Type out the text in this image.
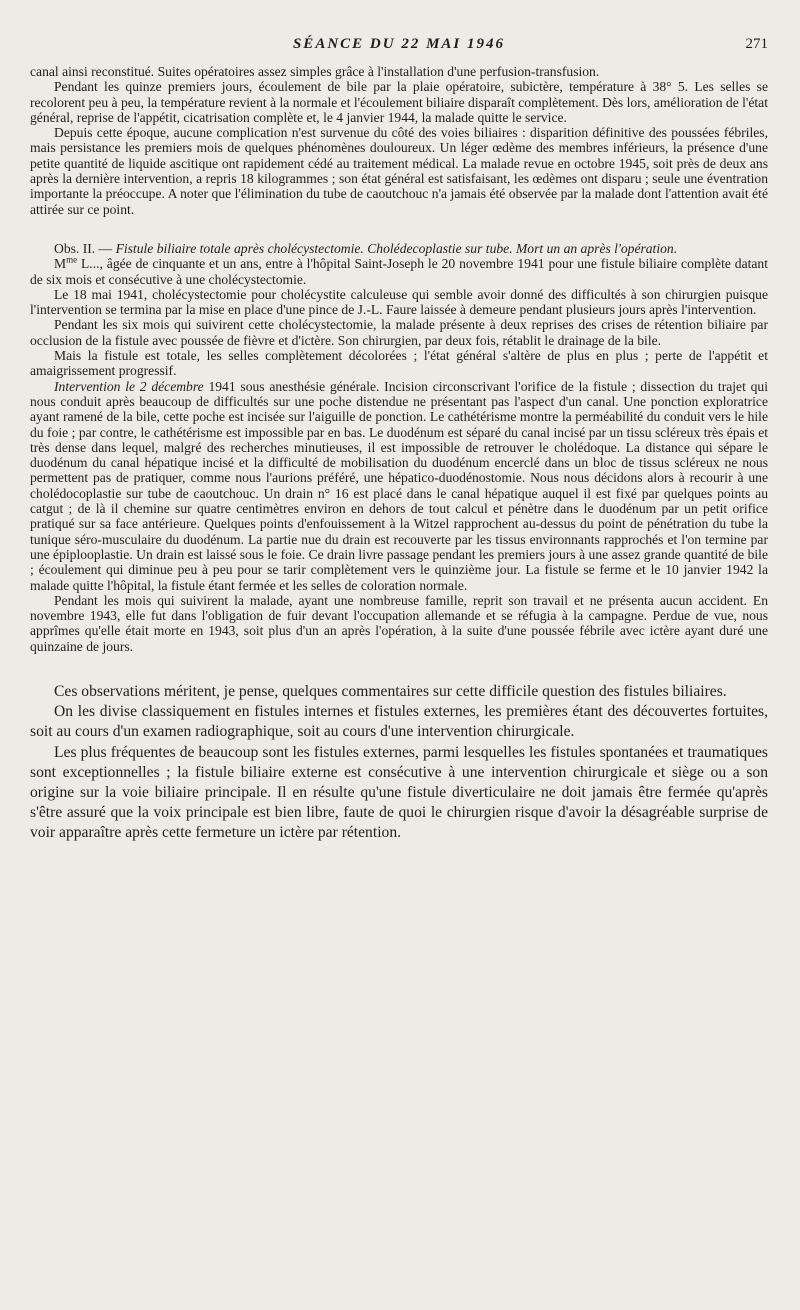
SÉANCE DU 22 MAI 1946	271

canal ainsi reconstitué. Suites opératoires assez simples grâce à l'installation d'une perfusion-transfusion.

Pendant les quinze premiers jours, écoulement de bile par la plaie opératoire, subictère, température à 38° 5. Les selles se recolorent peu à peu, la température revient à la normale et l'écoulement biliaire disparaît complètement. Dès lors, amélioration de l'état général, reprise de l'appétit, cicatrisation complète et, le 4 janvier 1944, la malade quitte le service.

Depuis cette époque, aucune complication n'est survenue du côté des voies biliaires : disparition définitive des poussées fébriles, mais persistance les premiers mois de quelques phénomènes douloureux. Un léger œdème des membres inférieurs, la présence d'une petite quantité de liquide ascitique ont rapidement cédé au traitement médical. La malade revue en octobre 1945, soit près de deux ans après la dernière intervention, a repris 18 kilogrammes ; son état général est satisfaisant, les œdèmes ont disparu ; seule une éventration importante la préoccupe. A noter que l'élimination du tube de caoutchouc n'a jamais été observée par la malade dont l'attention avait été attirée sur ce point.

Obs. II. — Fistule biliaire totale après cholécystectomie. Cholédecoplastie sur tube. Mort un an après l'opération.

$M^{me}$ L..., âgée de cinquante et un ans, entre à l'hôpital Saint-Joseph le 20 novembre 1941 pour une fistule biliaire complète datant de six mois et consécutive à une cholécystectomie.

Le 18 mai 1941, cholécystectomie pour cholécystite calculeuse qui semble avoir donné des difficultés à son chirurgien puisque l'intervention se termina par la mise en place d'une pince de J.-L. Faure laissée à demeure pendant plusieurs jours après l'intervention.

Pendant les six mois qui suivirent cette cholécystectomie, la malade présente à deux reprises des crises de rétention biliaire par occlusion de la fistule avec poussée de fièvre et d'ictère. Son chirurgien, par deux fois, rétablit le drainage de la bile.

Mais la fistule est totale, les selles complètement décolorées ; l'état général s'altère de plus en plus ; perte de l'appétit et amaigrissement progressif.

Intervention le 2 décembre 1941 sous anesthésie générale. Incision circonscrivant l'orifice de la fistule ; dissection du trajet qui nous conduit après beaucoup de difficultés sur une poche distendue ne présentant pas l'aspect d'un canal. Une ponction exploratrice ayant ramené de la bile, cette poche est incisée sur l'aiguille de ponction. Le cathétérisme montre la perméabilité du conduit vers le hile du foie ; par contre, le cathétérisme est impossible par en bas. Le duodénum est séparé du canal incisé par un tissu scléreux très épais et très dense dans lequel, malgré des recherches minutieuses, il est impossible de retrouver le cholédoque. La distance qui sépare le duodénum du canal hépatique incisé et la difficulté de mobilisation du duodénum encerclé dans un bloc de tissus scléreux ne nous permettent pas de pratiquer, comme nous l'aurions préféré, une hépatico-duodénostomie. Nous nous décidons alors à recourir à une cholédocoplastie sur tube de caoutchouc. Un drain n° 16 est placé dans le canal hépatique auquel il est fixé par quelques points au catgut ; de là il chemine sur quatre centimètres environ en dehors de tout calcul et pénètre dans le duodénum par un petit orifice pratiqué sur sa face antérieure. Quelques points d'enfouissement à la Witzel rapprochent au-dessus du point de pénétration du tube la tunique séro-musculaire du duodénum. La partie nue du drain est recouverte par les tissus environnants rapprochés et l'on termine par une épiplooplastie. Un drain est laissé sous le foie. Ce drain livre passage pendant les premiers jours à une assez grande quantité de bile ; écoulement qui diminue peu à peu pour se tarir complètement vers le quinzième jour. La fistule se ferme et le 10 janvier 1942 la malade quitte l'hôpital, la fistule étant fermée et les selles de coloration normale.

Pendant les mois qui suivirent la malade, ayant une nombreuse famille, reprit son travail et ne présenta aucun accident. En novembre 1943, elle fut dans l'obligation de fuir devant l'occupation allemande et se réfugia à la campagne. Perdue de vue, nous apprîmes qu'elle était morte en 1943, soit plus d'un an après l'opération, à la suite d'une poussée fébrile avec ictère ayant duré une quinzaine de jours.

Ces observations méritent, je pense, quelques commentaires sur cette difficile question des fistules biliaires.

On les divise classiquement en fistules internes et fistules externes, les premières étant des découvertes fortuites, soit au cours d'un examen radiographique, soit au cours d'une intervention chirurgicale.

Les plus fréquentes de beaucoup sont les fistules externes, parmi lesquelles les fistules spontanées et traumatiques sont exceptionnelles ; la fistule biliaire externe est consécutive à une intervention chirurgicale et siège ou a son origine sur la voie biliaire principale. Il en résulte qu'une fistule diverticulaire ne doit jamais être fermée qu'après s'être assuré que la voix principale est bien libre, faute de quoi le chirurgien risque d'avoir la désagréable surprise de voir apparaître après cette fermeture un ictère par rétention.
